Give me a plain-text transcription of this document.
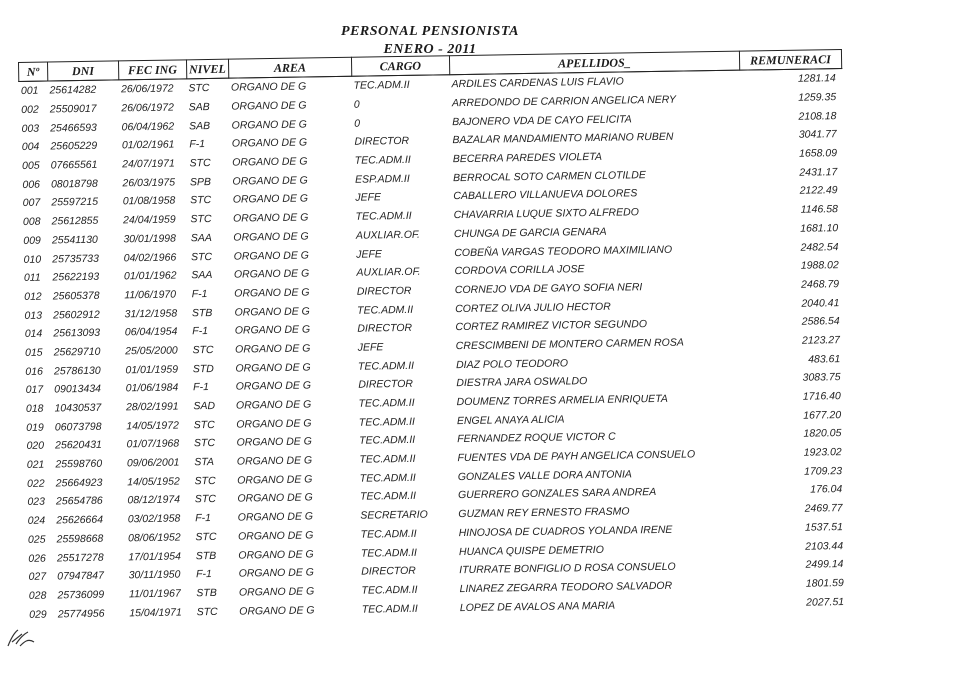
PERSONAL PENSIONISTA
ENERO - 2011
Nº	DNI	FEC ING	NIVEL	AREA	CARGO	APELLIDOS_	REMUNERACI
001	25614282	26/06/1972	STC	ORGANO DE G	TEC.ADM.II	ARDILES CARDENAS LUIS FLAVIO	1281.14
002	25509017	26/06/1972	SAB	ORGANO DE G	0	ARREDONDO DE CARRION ANGELICA NERY	1259.35
003	25466593	06/04/1962	SAB	ORGANO DE G	0	BAJONERO VDA DE CAYO FELICITA	2108.18
004	25605229	01/02/1961	F-1	ORGANO DE G	DIRECTOR	BAZALAR MANDAMIENTO MARIANO RUBEN	3041.77
005	07665561	24/07/1971	STC	ORGANO DE G	TEC.ADM.II	BECERRA PAREDES VIOLETA	1658.09
006	08018798	26/03/1975	SPB	ORGANO DE G	ESP.ADM.II	BERROCAL SOTO CARMEN CLOTILDE	2431.17
007	25597215	01/08/1958	STC	ORGANO DE G	JEFE	CABALLERO VILLANUEVA DOLORES	2122.49
008	25612855	24/04/1959	STC	ORGANO DE G	TEC.ADM.II	CHAVARRIA LUQUE SIXTO ALFREDO	1146.58
009	25541130	30/01/1998	SAA	ORGANO DE G	AUXLIAR.OF.	CHUNGA DE GARCIA GENARA	1681.10
010	25735733	04/02/1966	STC	ORGANO DE G	JEFE	COBEÑA VARGAS TEODORO MAXIMILIANO	2482.54
011	25622193	01/01/1962	SAA	ORGANO DE G	AUXLIAR.OF.	CORDOVA CORILLA JOSE	1988.02
012	25605378	11/06/1970	F-1	ORGANO DE G	DIRECTOR	CORNEJO VDA DE GAYO SOFIA NERI	2468.79
013	25602912	31/12/1958	STB	ORGANO DE G	TEC.ADM.II	CORTEZ OLIVA JULIO HECTOR	2040.41
014	25613093	06/04/1954	F-1	ORGANO DE G	DIRECTOR	CORTEZ RAMIREZ VICTOR SEGUNDO	2586.54
015	25629710	25/05/2000	STC	ORGANO DE G	JEFE	CRESCIMBENI DE MONTERO CARMEN ROSA	2123.27
016	25786130	01/01/1959	STD	ORGANO DE G	TEC.ADM.II	DIAZ POLO TEODORO	483.61
017	09013434	01/06/1984	F-1	ORGANO DE G	DIRECTOR	DIESTRA JARA OSWALDO	3083.75
018	10430537	28/02/1991	SAD	ORGANO DE G	TEC.ADM.II	DOUMENZ TORRES ARMELIA ENRIQUETA	1716.40
019	06073798	14/05/1972	STC	ORGANO DE G	TEC.ADM.II	ENGEL ANAYA ALICIA	1677.20
020	25620431	01/07/1968	STC	ORGANO DE G	TEC.ADM.II	FERNANDEZ ROQUE VICTOR C	1820.05
021	25598760	09/06/2001	STA	ORGANO DE G	TEC.ADM.II	FUENTES VDA DE PAYH ANGELICA CONSUELO	1923.02
022	25664923	14/05/1952	STC	ORGANO DE G	TEC.ADM.II	GONZALES VALLE DORA ANTONIA	1709.23
023	25654786	08/12/1974	STC	ORGANO DE G	TEC.ADM.II	GUERRERO GONZALES SARA ANDREA	176.04
024	25626664	03/02/1958	F-1	ORGANO DE G	SECRETARIO	GUZMAN REY ERNESTO FRASMO	2469.77
025	25598668	08/06/1952	STC	ORGANO DE G	TEC.ADM.II	HINOJOSA DE CUADROS YOLANDA IRENE	1537.51
026	25517278	17/01/1954	STB	ORGANO DE G	TEC.ADM.II	HUANCA QUISPE DEMETRIO	2103.44
027	07947847	30/11/1950	F-1	ORGANO DE G	DIRECTOR	ITURRATE BONFIGLIO D ROSA CONSUELO	2499.14
028	25736099	11/01/1967	STB	ORGANO DE G	TEC.ADM.II	LINAREZ ZEGARRA TEODORO SALVADOR	1801.59
029	25774956	15/04/1971	STC	ORGANO DE G	TEC.ADM.II	LOPEZ DE AVALOS ANA MARIA	2027.51
